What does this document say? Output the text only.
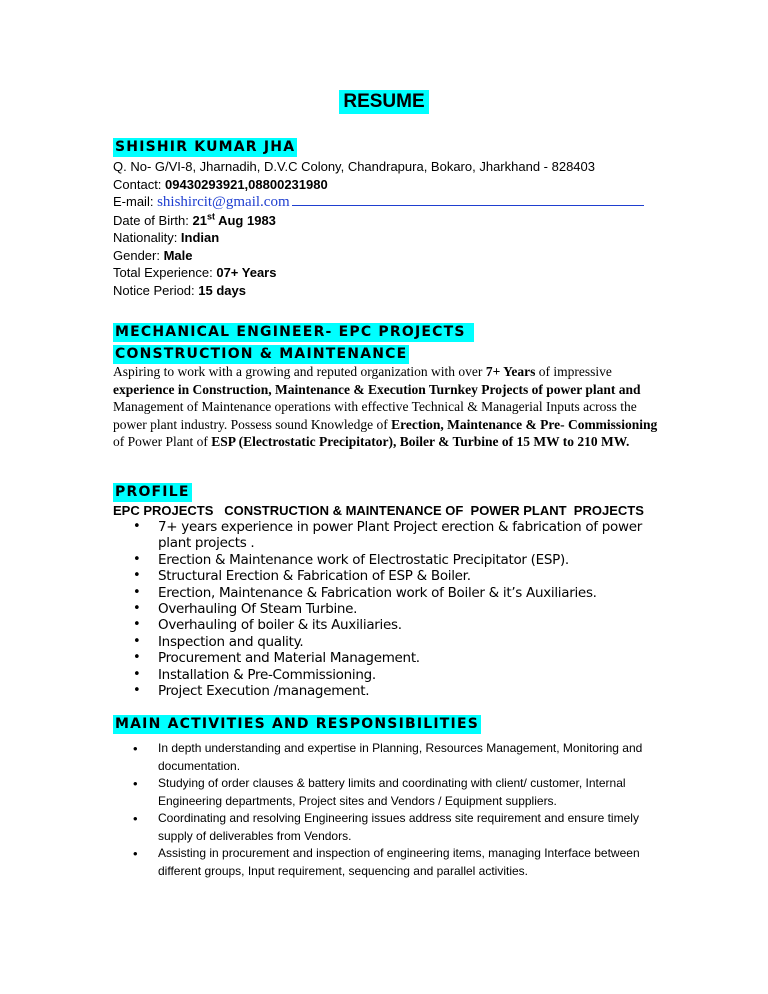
RESUME
SHISHIR KUMAR JHA
Q. No- G/VI-8, Jharnadih, D.V.C Colony, Chandrapura, Bokaro, Jharkhand - 828403
Contact: 09430293921,08800231980
E-mail: shishircit@gmail.com
Date of Birth: 21st Aug 1983
Nationality: Indian
Gender: Male
Total Experience: 07+ Years
Notice Period: 15 days
MECHANICAL ENGINEER- EPC PROJECTS
CONSTRUCTION & MAINTENANCE
Aspiring to work with a growing and reputed organization with over 7+ Years of impressive experience in Construction, Maintenance & Execution Turnkey Projects of power plant and Management of Maintenance operations with effective Technical & Managerial Inputs across the power plant industry. Possess sound Knowledge of Erection, Maintenance & Pre- Commissioning of Power Plant of ESP (Electrostatic Precipitator), Boiler & Turbine of 15 MW to 210 MW.
PROFILE
EPC PROJECTS   CONSTRUCTION & MAINTENANCE OF  POWER PLANT  PROJECTS
• 7+ years experience in power Plant Project erection & fabrication of power plant projects .
• Erection & Maintenance work of Electrostatic Precipitator (ESP).
• Structural Erection & Fabrication of ESP & Boiler.
• Erection, Maintenance & Fabrication work of Boiler & it’s Auxiliaries.
• Overhauling Of Steam Turbine.
• Overhauling of boiler & its Auxiliaries.
• Inspection and quality.
• Procurement and Material Management.
• Installation & Pre-Commissioning.
• Project Execution /management.
MAIN ACTIVITIES AND RESPONSIBILITIES
• In depth understanding and expertise in Planning, Resources Management, Monitoring and documentation.
• Studying of order clauses & battery limits and coordinating with client/ customer, Internal Engineering departments, Project sites and Vendors / Equipment suppliers.
• Coordinating and resolving Engineering issues address site requirement and ensure timely supply of deliverables from Vendors.
• Assisting in procurement and inspection of engineering items, managing Interface between different groups, Input requirement, sequencing and parallel activities.
